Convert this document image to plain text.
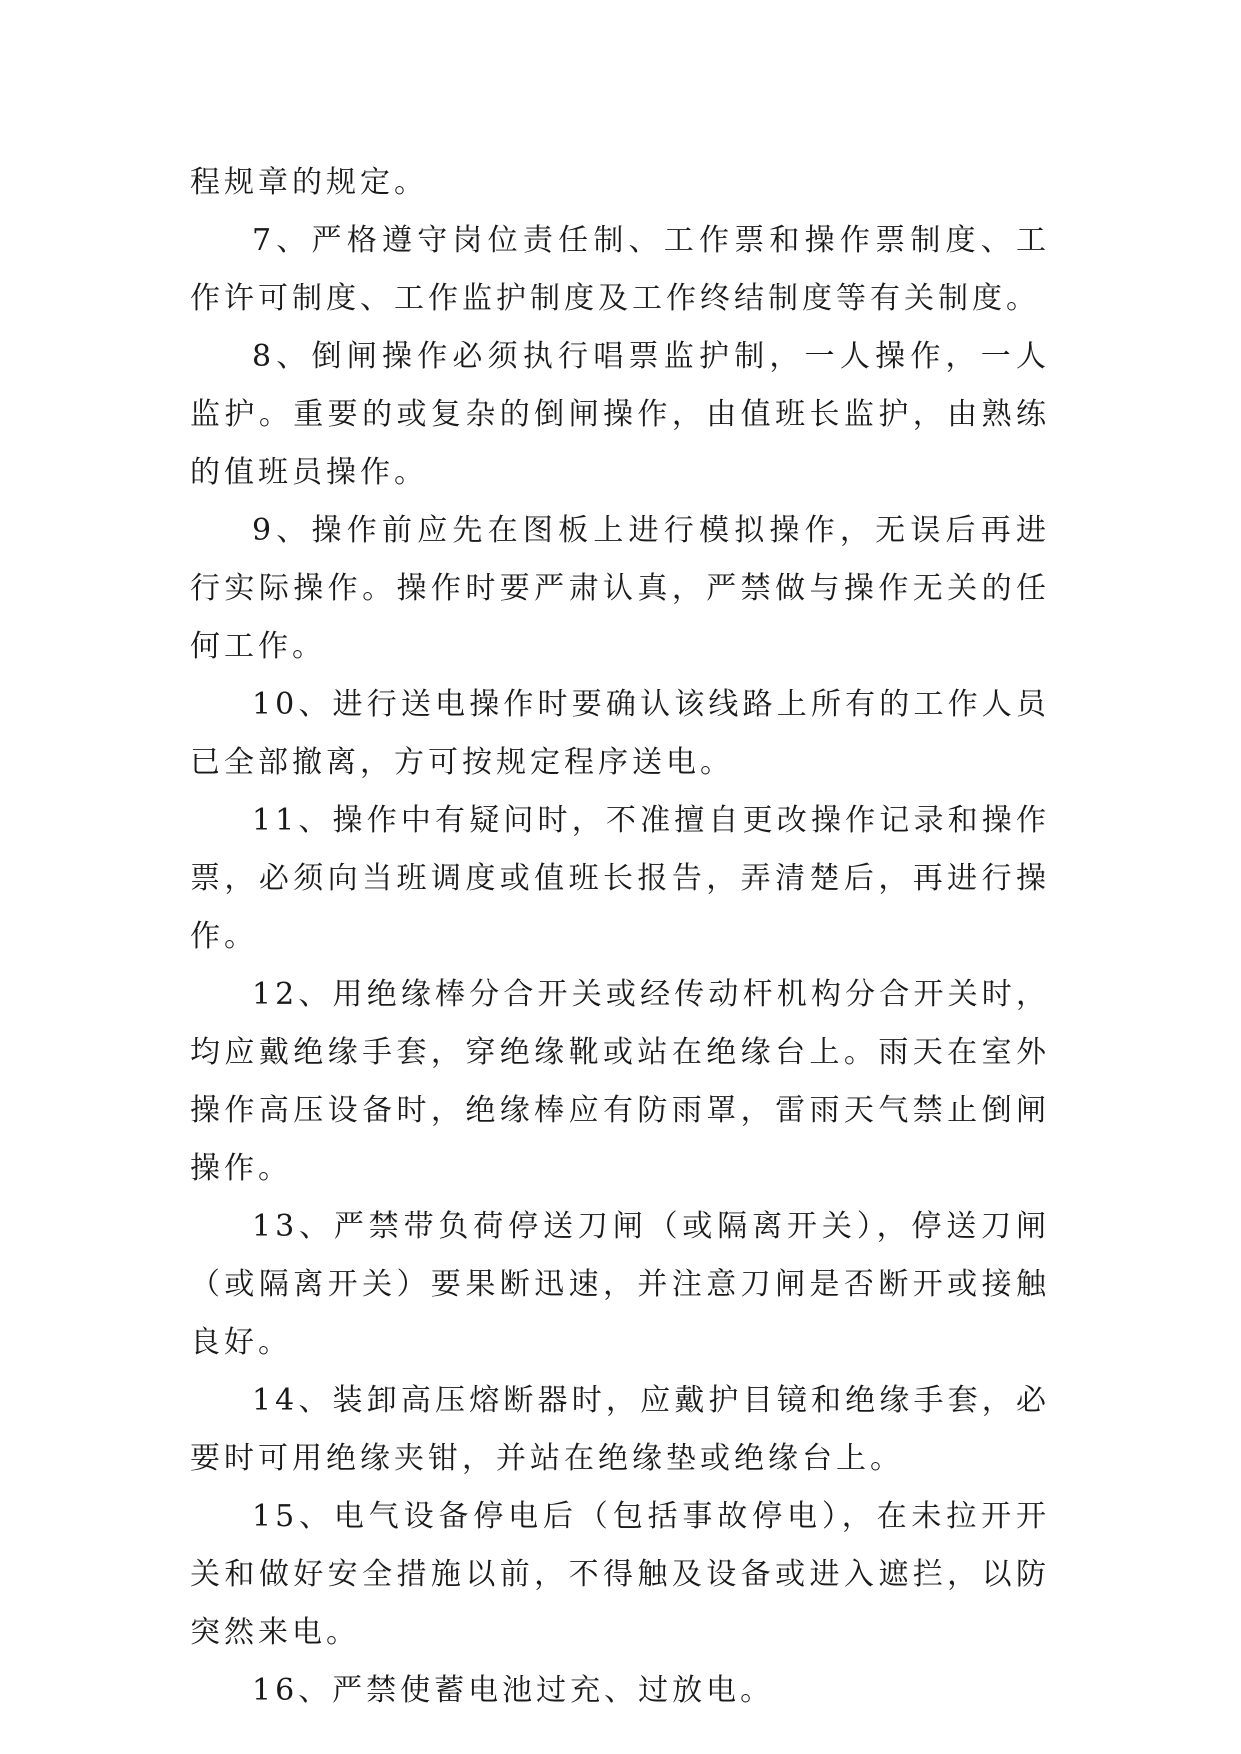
程规章的规定。

7、严格遵守岗位责任制、工作票和操作票制度、工作许可制度、工作监护制度及工作终结制度等有关制度。

8、倒闸操作必须执行唱票监护制，一人操作，一人监护。重要的或复杂的倒闸操作，由值班长监护，由熟练的值班员操作。

9、操作前应先在图板上进行模拟操作，无误后再进行实际操作。操作时要严肃认真，严禁做与操作无关的任何工作。

10、进行送电操作时要确认该线路上所有的工作人员已全部撤离，方可按规定程序送电。

11、操作中有疑问时，不准擅自更改操作记录和操作票，必须向当班调度或值班长报告，弄清楚后，再进行操作。

12、用绝缘棒分合开关或经传动杆机构分合开关时，均应戴绝缘手套，穿绝缘靴或站在绝缘台上。雨天在室外操作高压设备时，绝缘棒应有防雨罩，雷雨天气禁止倒闸操作。

13、严禁带负荷停送刀闸（或隔离开关），停送刀闸（或隔离开关）要果断迅速，并注意刀闸是否断开或接触良好。

14、装卸高压熔断器时，应戴护目镜和绝缘手套，必要时可用绝缘夹钳，并站在绝缘垫或绝缘台上。

15、电气设备停电后（包括事故停电），在未拉开开关和做好安全措施以前，不得触及设备或进入遮拦，以防突然来电。

16、严禁使蓄电池过充、过放电。
